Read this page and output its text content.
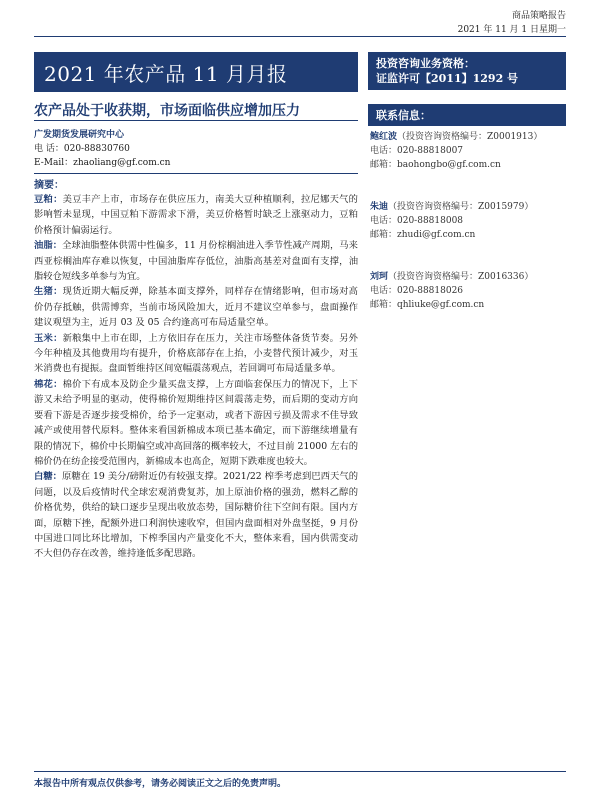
商品策略报告
2021 年 11 月 1 日星期一
2021 年农产品 11 月月报
农产品处于收获期，市场面临供应增加压力
广发期货发展研究中心
电 话：020-88830760
E-Mail：zhaoliang@gf.com.cn
摘要：

豆粕：美豆丰产上市，市场存在供应压力，南美大豆种植顺利，拉尼娜天气的影响暂未显现，中国豆粕下游需求下滑，美豆价格暂时缺乏上涨驱动力，豆粕价格预计偏弱运行。

油脂：全球油脂整体供需中性偏多，11 月份棕榈油进入季节性减产周期，马来西亚棕榈油库存难以恢复，中国油脂库存低位，油脂高基差对盘面有支撑，油脂较仓短线多单参与为宜。

生猪：现货近期大幅反弹，除基本面支撑外，同样存在情绪影响，但市场对高价仍存抵触，供需博弈，当前市场风险加大，近月不建议空单参与，盘面操作建议观望为主，近月 03 及 05 合约逢高可布局适量空单。

玉米：新粮集中上市在即，上方依旧存在压力，关注市场整体备货节奏。另外今年种植及其他费用均有提升，价格底部存在上抬，小麦替代预计减少，对玉米消费也有提振。盘面暂维持区间宽幅震荡观点，若回调可布局适量多单。

棉花：棉价下有成本及防企少量买盘支撑，上方面临套保压力的情况下，上下游又未给予明显的驱动，使得棉价短期维持区间震荡走势，而后期的变动方向要看下游是否逐步接受棉价，给予一定驱动，或者下游因亏损及需求不佳导致减产或使用替代原料。整体来看国新棉成本项已基本确定，而下游继续增量有限的情况下，棉价中长期偏空或冲高回落的概率较大，不过目前 21000 左右的棉价仍在纺企接受范围内，新棉成本也高企，短期下跌难度也较大。

白糖：原糖在 19 美分/磅附近仍有较强支撑。2021/22 榨季考虑到巴西天气的问题，以及后疫情时代全球宏观消费复苏，加上原油价格的强劲，燃料乙醇的价格优势，供给的缺口逐步呈现出收放态势，国际糖价往下空间有限。国内方面，原糖下挫，配额外进口利润快速收窄，但国内盘面相对外盘坚挺，9 月份中国进口同比环比增加，下榨季国内产量变化不大，整体来看，国内供需变动不大但仍存在改善，维持逢低多配思路。

投资咨询业务资格：
证监许可【2011】1292 号
联系信息：
鲍红波（投资咨询资格编号：Z0001913）
电话：020-88818007
邮箱：baohongbo@gf.com.cn
朱迪（投资咨询资格编号：Z0015979）
电话：020-88818008
邮箱：zhudi@gf.com.cn
刘珂（投资咨询资格编号：Z0016336）
电话：020-88818026
邮箱：qhliuke@gf.com.cn
本报告中所有观点仅供参考，请务必阅读正文之后的免责声明。
